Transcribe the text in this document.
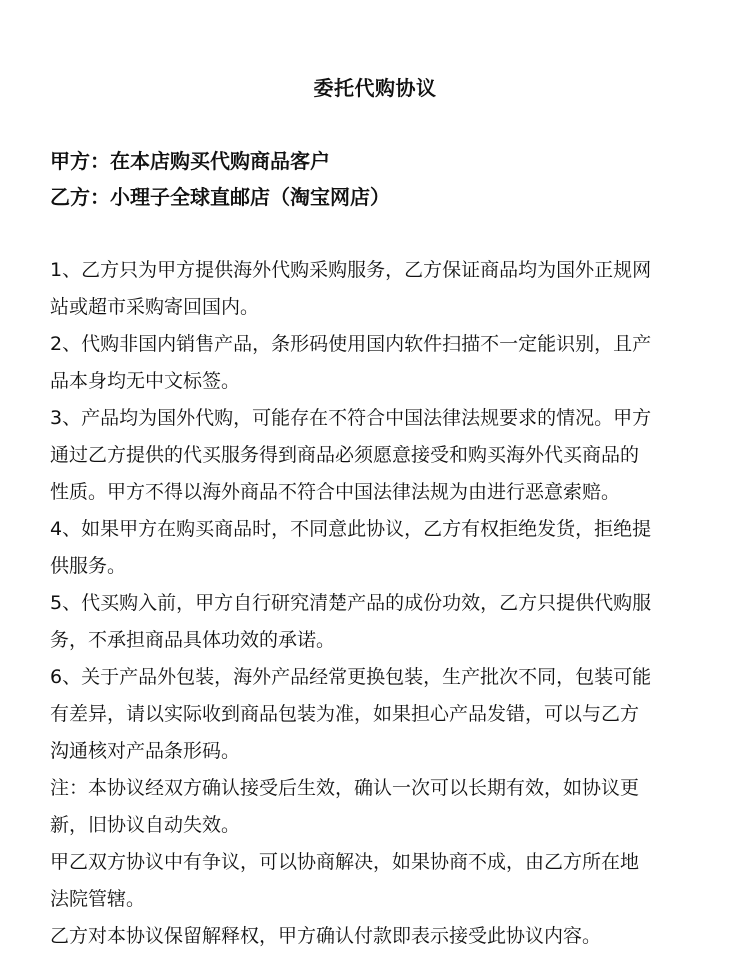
委托代购协议
甲方：在本店购买代购商品客户
乙方：小理子全球直邮店（淘宝网店）

1、乙方只为甲方提供海外代购采购服务，乙方保证商品均为国外正规网
站或超市采购寄回国内。

2、代购非国内销售产品，条形码使用国内软件扫描不一定能识别，且产
品本身均无中文标签。

3、产品均为国外代购，可能存在不符合中国法律法规要求的情况。甲方
通过乙方提供的代买服务得到商品必须愿意接受和购买海外代买商品的
性质。甲方不得以海外商品不符合中国法律法规为由进行恶意索赔。

4、如果甲方在购买商品时，不同意此协议，乙方有权拒绝发货，拒绝提
供服务。

5、代买购入前，甲方自行研究清楚产品的成份功效，乙方只提供代购服
务，不承担商品具体功效的承诺。

6、关于产品外包装，海外产品经常更换包装，生产批次不同，包装可能
有差异，请以实际收到商品包装为准，如果担心产品发错，可以与乙方
沟通核对产品条形码。

注：本协议经双方确认接受后生效，确认一次可以长期有效，如协议更
新，旧协议自动失效。

甲乙双方协议中有争议，可以协商解决，如果协商不成，由乙方所在地
法院管辖。

乙方对本协议保留解释权，甲方确认付款即表示接受此协议内容。
